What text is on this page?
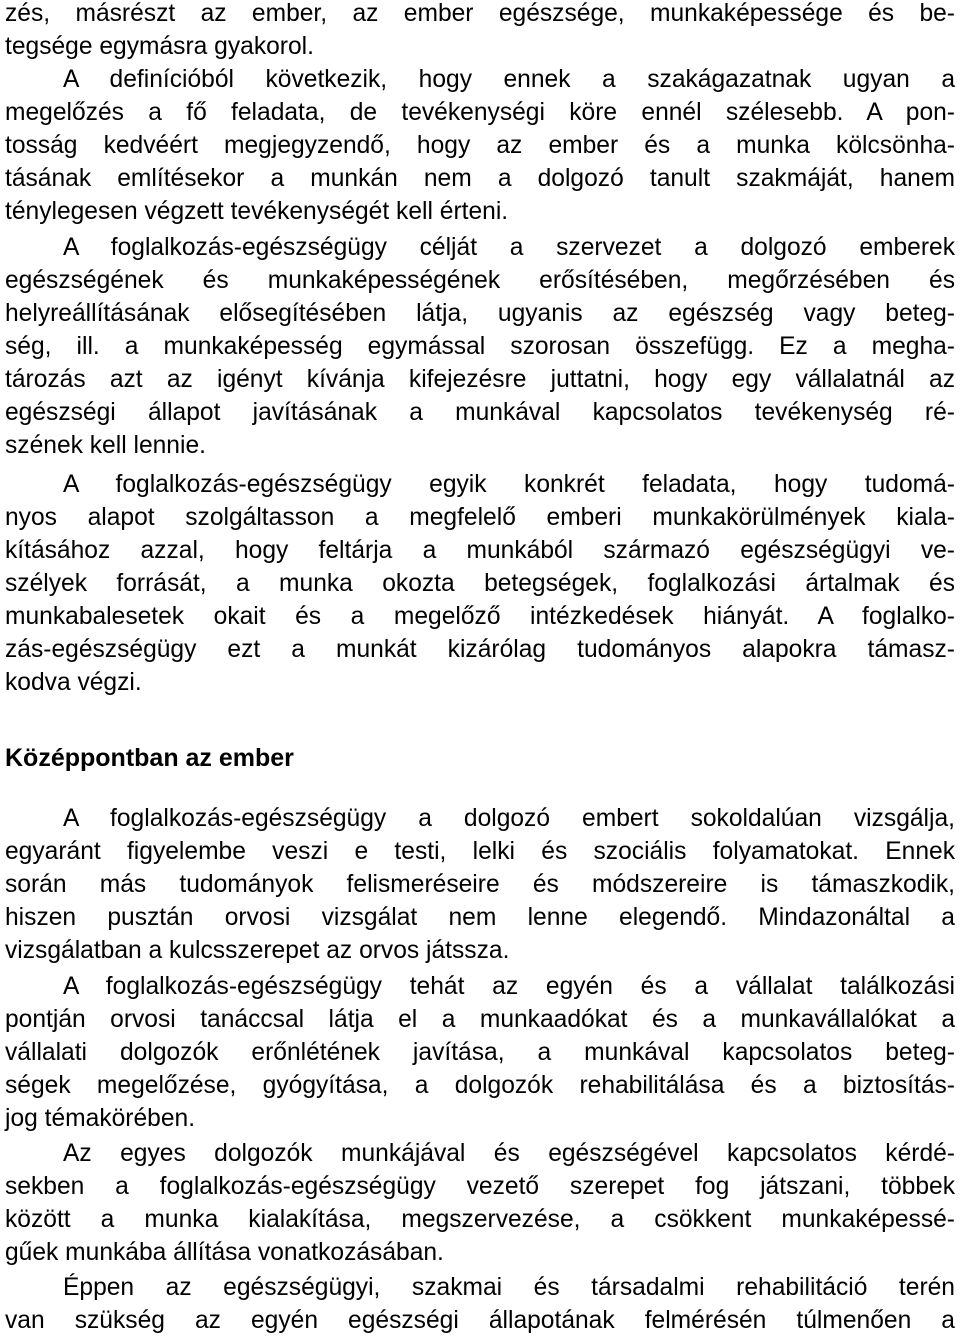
zés, másrészt az ember, az ember egészsége, munkaképessége és be-
tegsége egymásra gyakorol.
A definícióból következik, hogy ennek a szakágazatnak ugyan a
megelőzés a fő feladata, de tevékenységi köre ennél szélesebb. A pon-
tosság kedvéért megjegyzendő, hogy az ember és a munka kölcsönha-
tásának említésekor a munkán nem a dolgozó tanult szakmáját, hanem
ténylegesen végzett tevékenységét kell érteni.
A foglalkozás-egészségügy célját a szervezet a dolgozó emberek
egészségének és munkaképességének erősítésében, megőrzésében és
helyreállításának elősegítésében látja, ugyanis az egészség vagy beteg-
ség, ill. a munkaképesség egymással szorosan összefügg. Ez a megha-
tározás azt az igényt kívánja kifejezésre juttatni, hogy egy vállalatnál az
egészségi állapot javításának a munkával kapcsolatos tevékenység ré-
szének kell lennie.
A foglalkozás-egészségügy egyik konkrét feladata, hogy tudomá-
nyos alapot szolgáltasson a megfelelő emberi munkakörülmények kiala-
kításához azzal, hogy feltárja a munkából származó egészségügyi ve-
szélyek forrását, a munka okozta betegségek, foglalkozási ártalmak és
munkabalesetek okait és a megelőző intézkedések hiányát. A foglalko-
zás-egészségügy ezt a munkát kizárólag tudományos alapokra támasz-
kodva végzi.
Középpontban az ember
A foglalkozás-egészségügy a dolgozó embert sokoldalúan vizsgálja,
egyaránt figyelembe veszi e testi, lelki és szociális folyamatokat. Ennek
során más tudományok felismeréseire és módszereire is támaszkodik,
hiszen pusztán orvosi vizsgálat nem lenne elegendő. Mindazonáltal a
vizsgálatban a kulcsszerepet az orvos játssza.
A foglalkozás-egészségügy tehát az egyén és a vállalat találkozási
pontján orvosi tanáccsal látja el a munkaadókat és a munkavállalókat a
vállalati dolgozók erőnlétének javítása, a munkával kapcsolatos beteg-
ségek megelőzése, gyógyítása, a dolgozók rehabilitálása és a biztosítás-
jog témakörében.
Az egyes dolgozók munkájával és egészségével kapcsolatos kérdé-
sekben a foglalkozás-egészségügy vezető szerepet fog játszani, többek
között a munka kialakítása, megszervezése, a csökkent munkaképessé-
gűek munkába állítása vonatkozásában.
Éppen az egészségügyi, szakmai és társadalmi rehabilitáció terén
van szükség az egyén egészségi állapotának felmérésén túlmenően a
